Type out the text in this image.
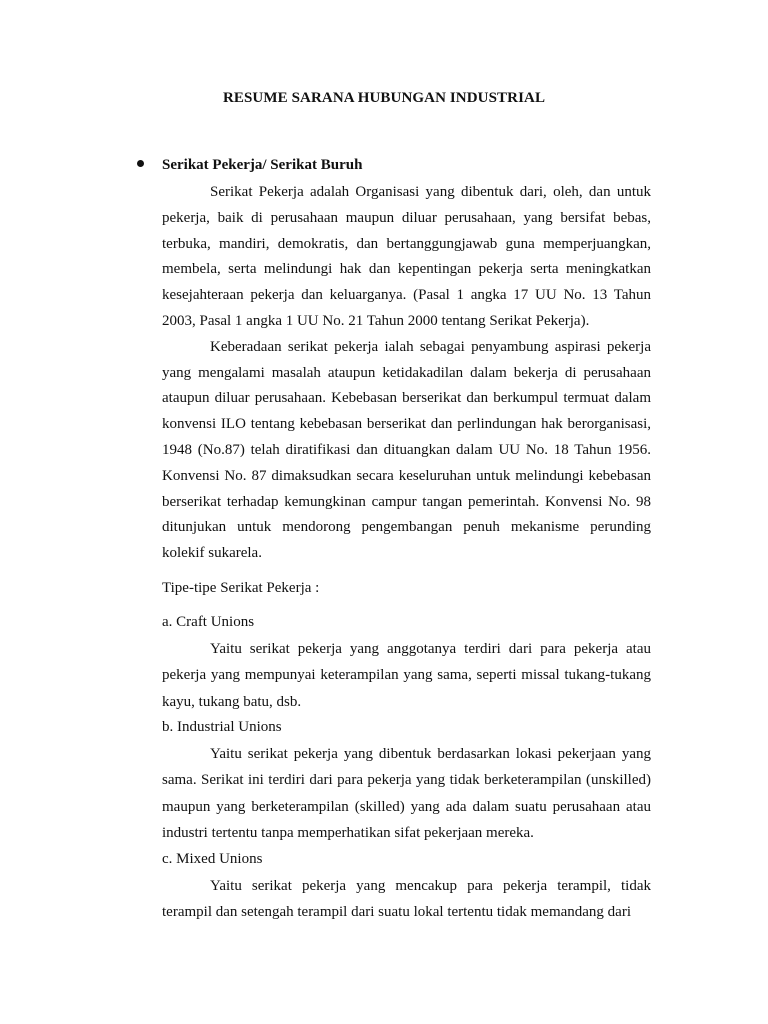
RESUME SARANA HUBUNGAN INDUSTRIAL
Serikat Pekerja/ Serikat Buruh

Serikat Pekerja adalah Organisasi yang dibentuk dari, oleh, dan untuk pekerja, baik di perusahaan maupun diluar perusahaan, yang bersifat bebas, terbuka, mandiri, demokratis, dan bertanggungjawab guna memperjuangkan, membela, serta melindungi hak dan kepentingan pekerja serta meningkatkan kesejahteraan pekerja dan keluarganya. (Pasal 1 angka 17 UU No. 13 Tahun 2003, Pasal 1 angka 1 UU No. 21 Tahun 2000 tentang Serikat Pekerja).

Keberadaan serikat pekerja ialah sebagai penyambung aspirasi pekerja yang mengalami masalah ataupun ketidakadilan dalam bekerja di perusahaan ataupun diluar perusahaan. Kebebasan berserikat dan berkumpul termuat dalam konvensi ILO tentang kebebasan berserikat dan perlindungan hak berorganisasi, 1948 (No.87) telah diratifikasi dan dituangkan dalam UU No. 18 Tahun 1956. Konvensi No. 87 dimaksudkan secara keseluruhan untuk melindungi kebebasan berserikat terhadap kemungkinan campur tangan pemerintah. Konvensi No. 98 ditunjukan untuk mendorong pengembangan penuh mekanisme perunding kolekif sukarela.

Tipe-tipe Serikat Pekerja :

a. Craft Unions

Yaitu serikat pekerja yang anggotanya terdiri dari para pekerja atau pekerja yang mempunyai keterampilan yang sama, seperti missal tukang-tukang kayu, tukang batu, dsb.

b. Industrial Unions

Yaitu serikat pekerja yang dibentuk berdasarkan lokasi pekerjaan yang sama. Serikat ini terdiri dari para pekerja yang tidak berketerampilan (unskilled) maupun yang berketerampilan (skilled) yang ada dalam suatu perusahaan atau industri tertentu tanpa memperhatikan sifat pekerjaan mereka.

c. Mixed Unions

Yaitu serikat pekerja yang mencakup para pekerja terampil, tidak terampil dan setengah terampil dari suatu lokal tertentu tidak memandang dari
